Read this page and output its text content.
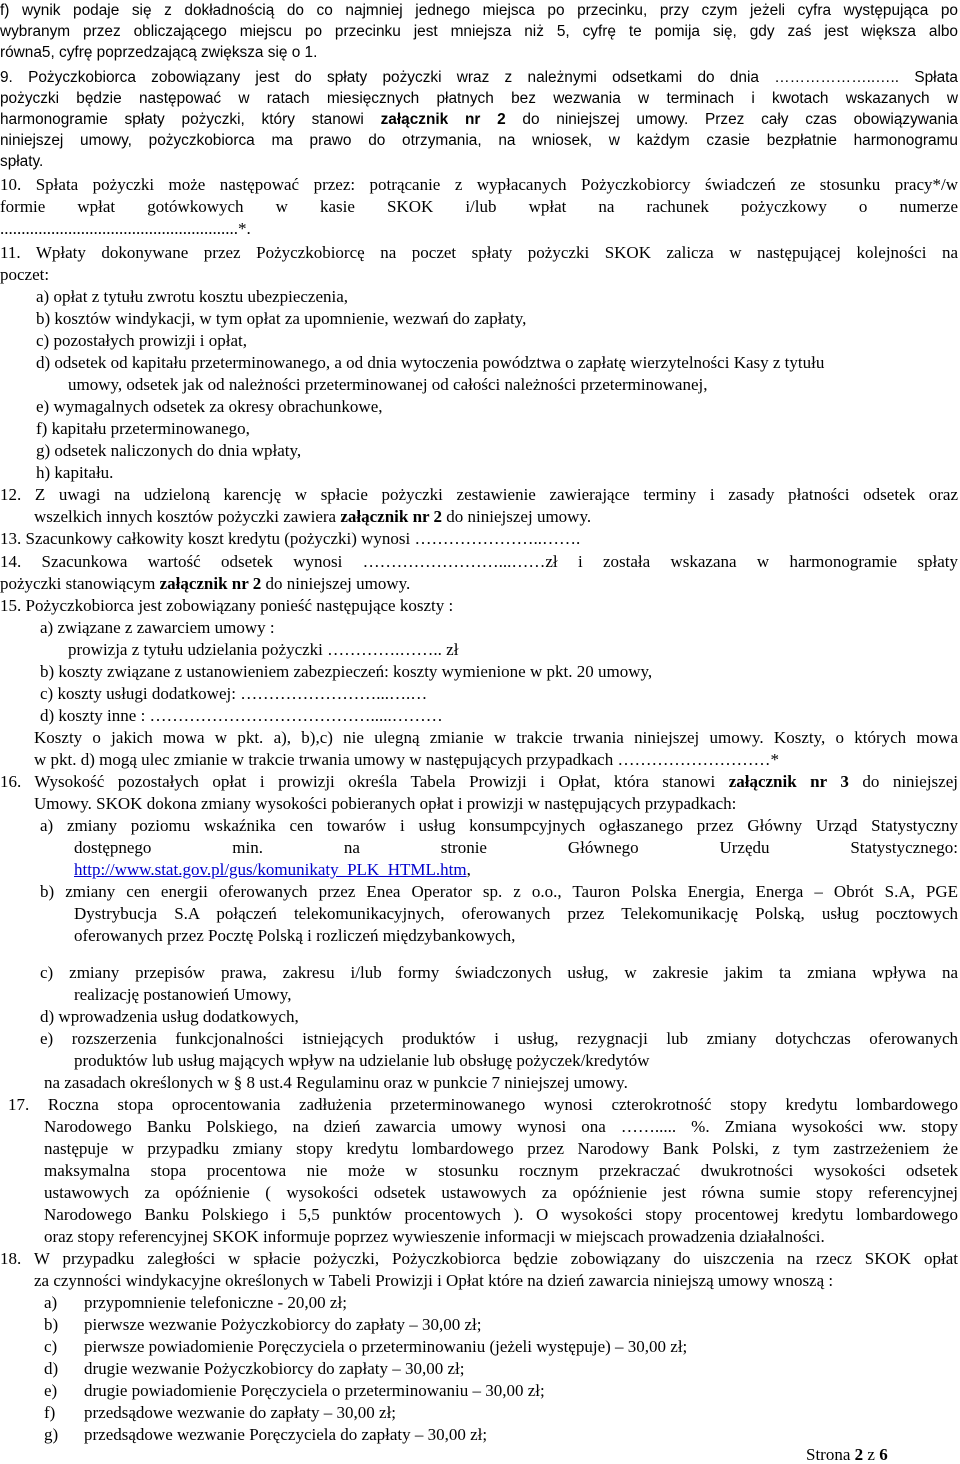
f) wynik podaje się z dokładnością do co najmniej jednego miejsca po przecinku, przy czym jeżeli cyfra występująca po
wybranym przez obliczającego miejscu po przecinku jest mniejsza niż 5, cyfrę te pomija się, gdy zaś jest większa albo
równa5, cyfrę poprzedzającą zwiększa się o 1.
9. Pożyczkobiorca zobowiązany jest do spłaty pożyczki wraz z należnymi odsetkami do dnia ………………..….. Spłata
pożyczki będzie następować w ratach miesięcznych płatnych bez wezwania w terminach i kwotach wskazanych w
harmonogramie spłaty pożyczki, który stanowi załącznik nr 2 do niniejszej umowy. Przez cały czas obowiązywania
niniejszej umowy, pożyczkobiorca ma prawo do otrzymania, na wniosek, w każdym czasie bezpłatnie harmonogramu
spłaty.
10. Spłata pożyczki może następować przez: potrącanie z wypłacanych Pożyczkobiorcy świadczeń ze stosunku pracy*/w
formie wpłat gotówkowych w kasie SKOK i/lub wpłat na rachunek pożyczkowy o numerze
........................................................*.
11. Wpłaty dokonywane przez Pożyczkobiorcę na poczet spłaty pożyczki SKOK zalicza w następującej kolejności na
poczet:
a) opłat z tytułu zwrotu kosztu ubezpieczenia,
b) kosztów windykacji, w tym opłat za upomnienie, wezwań do zapłaty,
c) pozostałych prowizji i opłat,
d) odsetek od kapitału przeterminowanego, a od dnia wytoczenia powództwa o zapłatę wierzytelności Kasy z tytułu
umowy, odsetek jak od należności przeterminowanej od całości należności przeterminowanej,
e) wymagalnych odsetek za okresy obrachunkowe,
f) kapitału przeterminowanego,
g) odsetek naliczonych do dnia wpłaty,
h) kapitału.
12. Z uwagi na udzieloną karencję w spłacie pożyczki zestawienie zawierające terminy i zasady płatności odsetek oraz
wszelkich innych kosztów pożyczki zawiera załącznik nr 2 do niniejszej umowy.
13. Szacunkowy całkowity koszt kredytu (pożyczki) wynosi …………………..…….
14. Szacunkowa wartość odsetek wynosi ……………………...……zł i została wskazana w harmonogramie spłaty
pożyczki stanowiącym załącznik nr 2 do niniejszej umowy.
15. Pożyczkobiorca jest zobowiązany ponieść następujące koszty :
a) związane z zawarciem umowy :
prowizja z tytułu udzielania pożyczki ………….…….. zł
b) koszty związane z ustanowieniem zabezpieczeń: koszty wymienione w pkt. 20 umowy,
c) koszty usługi dodatkowej: ……………………...….…
d) koszty inne : ………………………………….....………
Koszty o jakich mowa w pkt. a), b),c) nie ulegną zmianie w trakcie trwania niniejszej umowy. Koszty, o których mowa
w pkt. d) mogą ulec zmianie w trakcie trwania umowy w następujących przypadkach ………………………*
16. Wysokość pozostałych opłat i prowizji określa Tabela Prowizji i Opłat, która stanowi załącznik nr 3 do niniejszej
Umowy. SKOK dokona zmiany wysokości pobieranych opłat i prowizji w następujących przypadkach:
a) zmiany poziomu wskaźnika cen towarów i usług konsumpcyjnych ogłaszanego przez Główny Urząd Statystyczny
dostępnego min. na stronie Głównego Urzędu Statystycznego:
http://www.stat.gov.pl/gus/komunikaty_PLK_HTML.htm,
b) zmiany cen energii oferowanych przez Enea Operator sp. z o.o., Tauron Polska Energia, Energa – Obrót S.A, PGE
Dystrybucja S.A połączeń telekomunikacyjnych, oferowanych przez Telekomunikację Polską, usług pocztowych
oferowanych przez Pocztę Polską i rozliczeń międzybankowych,
c) zmiany przepisów prawa, zakresu i/lub formy świadczonych usług, w zakresie jakim ta zmiana wpływa na
realizację postanowień Umowy,
d) wprowadzenia usług dodatkowych,
e) rozszerzenia funkcjonalności istniejących produktów i usług, rezygnacji lub zmiany dotychczas oferowanych
produktów lub usług mających wpływ na udzielanie lub obsługę pożyczek/kredytów
na zasadach określonych w § 8 ust.4 Regulaminu oraz w punkcie 7 niniejszej umowy.
17. Roczna stopa oprocentowania zadłużenia przeterminowanego wynosi czterokrotność stopy kredytu lombardowego
Narodowego Banku Polskiego, na dzień zawarcia umowy wynosi ona ……..... %. Zmiana wysokości ww. stopy
następuje w przypadku zmiany stopy kredytu lombardowego przez Narodowy Bank Polski, z tym zastrzeżeniem że
maksymalna stopa procentowa nie może w stosunku rocznym przekraczać dwukrotności wysokości odsetek
ustawowych za opóźnienie ( wysokości odsetek ustawowych za opóźnienie jest równa sumie stopy referencyjnej
Narodowego Banku Polskiego i 5,5 punktów procentowych ). O wysokości stopy procentowej kredytu lombardowego
oraz stopy referencyjnej SKOK informuje poprzez wywieszenie informacji w miejscach prowadzenia działalności.
18. W przypadku zaległości w spłacie pożyczki, Pożyczkobiorca będzie zobowiązany do uiszczenia na rzecz SKOK opłat
za czynności windykacyjne określonych w Tabeli Prowizji i Opłat które na dzień zawarcia niniejszą umowy wnoszą :
a) przypomnienie telefoniczne - 20,00 zł;
b) pierwsze wezwanie Pożyczkobiorcy do zapłaty – 30,00 zł;
c) pierwsze powiadomienie Poręczyciela o przeterminowaniu (jeżeli występuje) – 30,00 zł;
d) drugie wezwanie Pożyczkobiorcy do zapłaty – 30,00 zł;
e) drugie powiadomienie Poręczyciela o przeterminowaniu – 30,00 zł;
f) przedsądowe wezwanie do zapłaty – 30,00 zł;
g) przedsądowe wezwanie Poręczyciela do zapłaty – 30,00 zł;
Strona 2 z 6
